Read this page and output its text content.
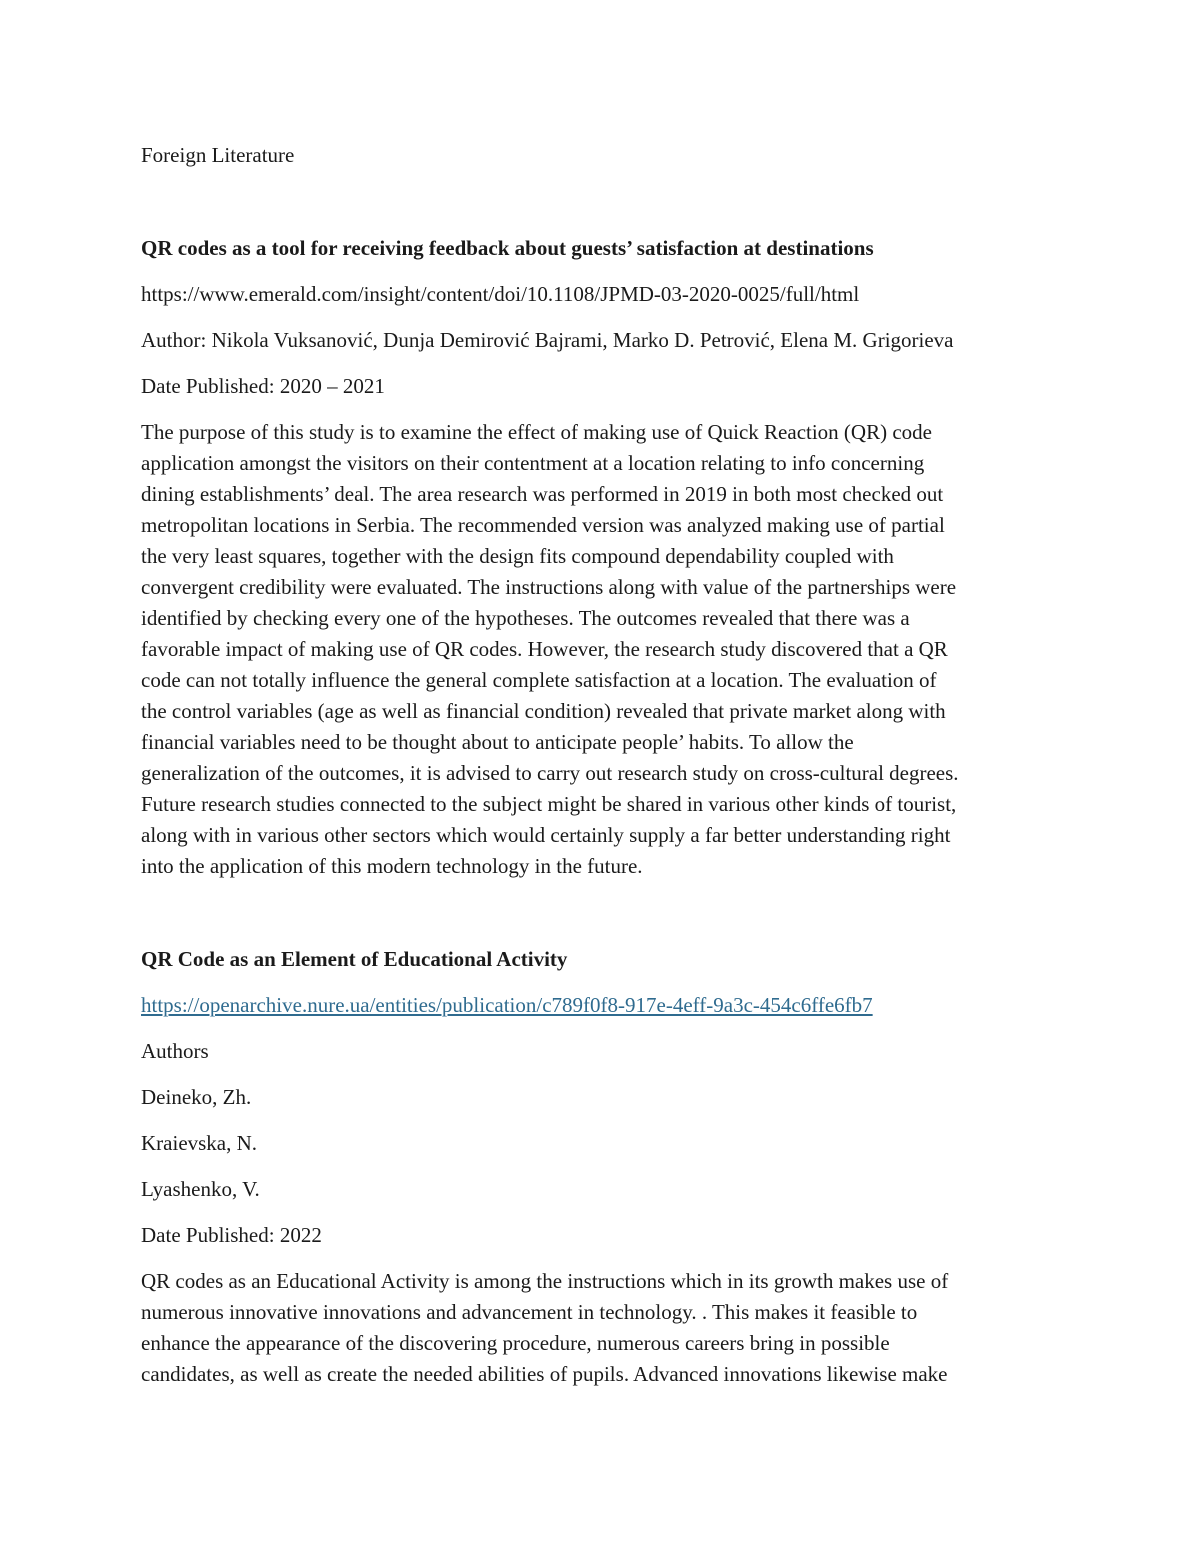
Foreign Literature

QR codes as a tool for receiving feedback about guests’ satisfaction at destinations

https://www.emerald.com/insight/content/doi/10.1108/JPMD-03-2020-0025/full/html

Author: Nikola Vuksanović, Dunja Demirović Bajrami, Marko D. Petrović, Elena M. Grigorieva

Date Published: 2020 – 2021

The purpose of this study is to examine the effect of making use of Quick Reaction (QR) code
application amongst the visitors on their contentment at a location relating to info concerning
dining establishments’ deal. The area research was performed in 2019 in both most checked out
metropolitan locations in Serbia. The recommended version was analyzed making use of partial
the very least squares, together with the design fits compound dependability coupled with
convergent credibility were evaluated. The instructions along with value of the partnerships were
identified by checking every one of the hypotheses. The outcomes revealed that there was a
favorable impact of making use of QR codes. However, the research study discovered that a QR
code can not totally influence the general complete satisfaction at a location. The evaluation of
the control variables (age as well as financial condition) revealed that private market along with
financial variables need to be thought about to anticipate people’ habits. To allow the
generalization of the outcomes, it is advised to carry out research study on cross-cultural degrees.
Future research studies connected to the subject might be shared in various other kinds of tourist,
along with in various other sectors which would certainly supply a far better understanding right
into the application of this modern technology in the future.

QR Code as an Element of Educational Activity

https://openarchive.nure.ua/entities/publication/c789f0f8-917e-4eff-9a3c-454c6ffe6fb7

Authors

Deineko, Zh.

Kraievska, N.

Lyashenko, V.

Date Published: 2022

QR codes as an Educational Activity is among the instructions which in its growth makes use of
numerous innovative innovations and advancement in technology. . This makes it feasible to
enhance the appearance of the discovering procedure, numerous careers bring in possible
candidates, as well as create the needed abilities of pupils. Advanced innovations likewise make
